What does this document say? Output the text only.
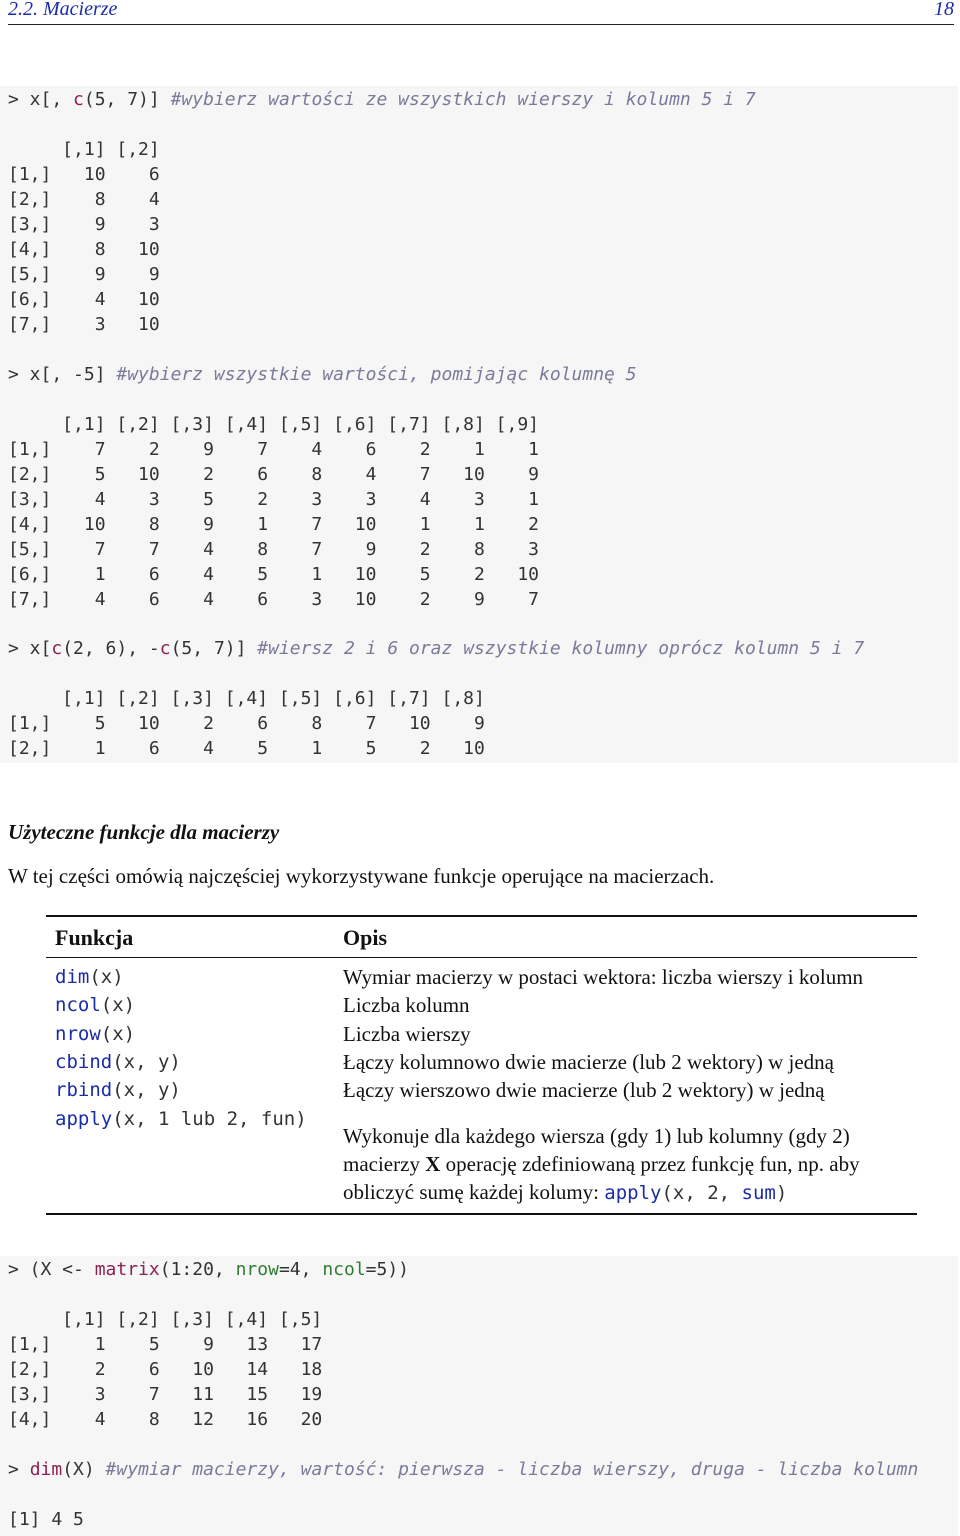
2.2. Macierze	18
> x[, c(5, 7)] #wybierz wartości ze wszystkich wierszy i kolumn 5 i 7
[,1] [,2]
[1,]   10    6
[2,]    8    4
[3,]    9    3
[4,]    8   10
[5,]    9    9
[6,]    4   10
[7,]    3   10
> x[, -5] #wybierz wszystkie wartości, pomijając kolumnę 5
[,1] [,2] [,3] [,4] [,5] [,6] [,7] [,8] [,9]
[1,]    7    2    9    7    4    6    2    1    1
[2,]    5   10    2    6    8    4    7   10    9
[3,]    4    3    5    2    3    3    4    3    1
[4,]   10    8    9    1    7   10    1    1    2
[5,]    7    7    4    8    7    9    2    8    3
[6,]    1    6    4    5    1   10    5    2   10
[7,]    4    6    4    6    3   10    2    9    7
> x[c(2, 6), -c(5, 7)] #wiersz 2 i 6 oraz wszystkie kolumny oprócz kolumn 5 i 7
[,1] [,2] [,3] [,4] [,5] [,6] [,7] [,8]
[1,]    5   10    2    6    8    7   10    9
[2,]    1    6    4    5    1    5    2   10
Użyteczne funkcje dla macierzy
W tej części omówią najczęściej wykorzystywane funkcje operujące na macierzach.
Funkcja	Opis
dim(x)	Wymiar macierzy w postaci wektora: liczba wierszy i kolumn
ncol(x)	Liczba kolumn
nrow(x)	Liczba wierszy
cbind(x, y)	Łączy kolumnowo dwie macierze (lub 2 wektory) w jedną
rbind(x, y)	Łączy wierszowo dwie macierze (lub 2 wektory) w jedną
apply(x, 1 lub 2, fun)
Wykonuje dla każdego wiersza (gdy 1) lub kolumny (gdy 2)
macierzy X operację zdefiniowaną przez funkcję fun, np. aby
obliczyć sumę każdej kolumy: apply(x, 2, sum)
> (X <- matrix(1:20, nrow=4, ncol=5))
[,1] [,2] [,3] [,4] [,5]
[1,]    1    5    9   13   17
[2,]    2    6   10   14   18
[3,]    3    7   11   15   19
[4,]    4    8   12   16   20
> dim(X) #wymiar macierzy, wartość: pierwsza - liczba wierszy, druga - liczba kolumn
[1] 4 5
